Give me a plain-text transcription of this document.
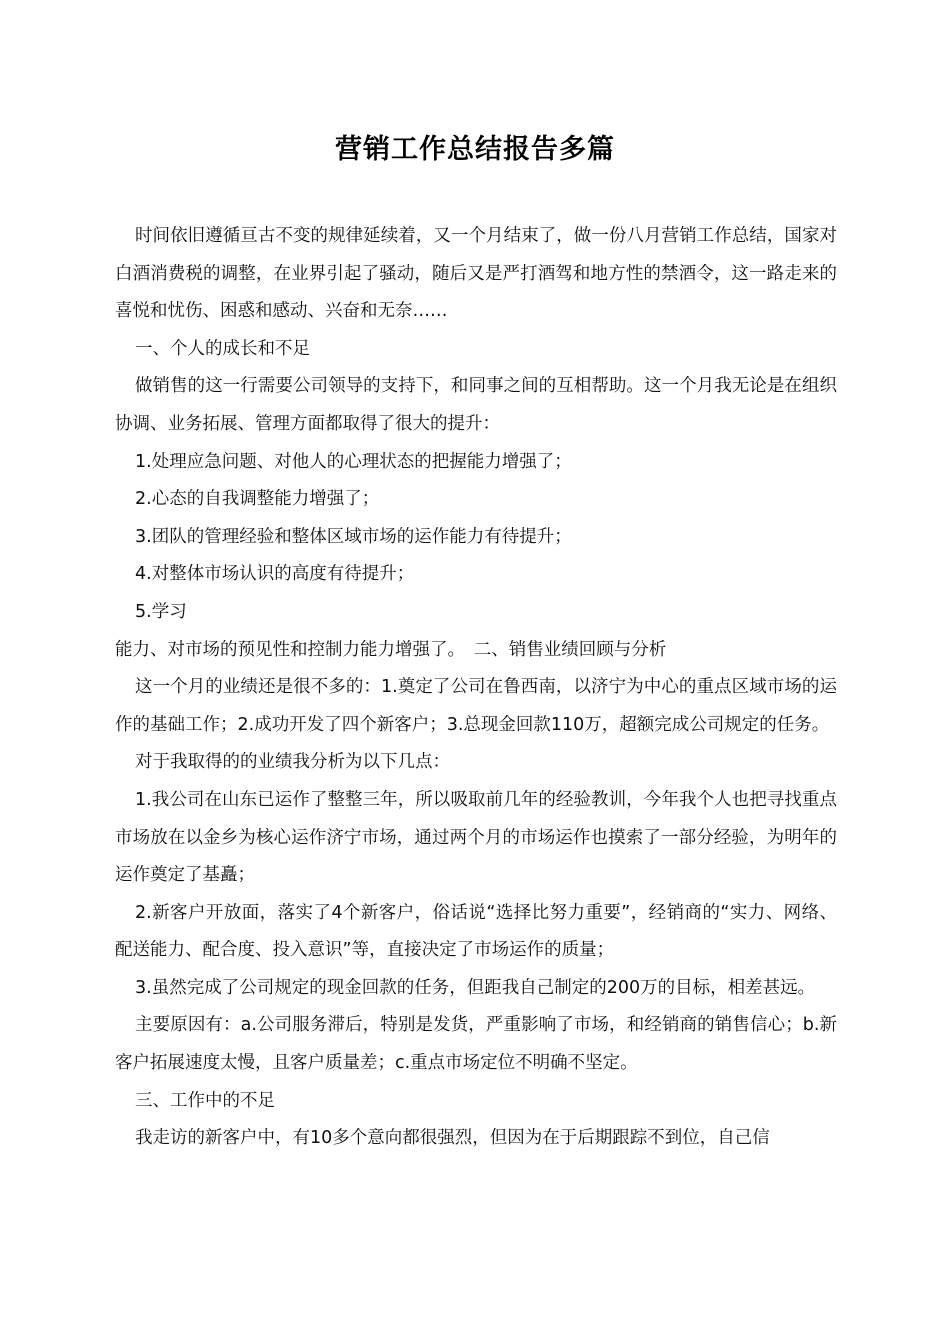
营销工作总结报告多篇

时间依旧遵循亘古不变的规律延续着，又一个月结束了，做一份八月营销工作总结，国家对白酒消费税的调整，在业界引起了骚动，随后又是严打酒驾和地方性的禁酒令，这一路走来的喜悦和忧伤、困惑和感动、兴奋和无奈……

一、个人的成长和不足

做销售的这一行需要公司领导的支持下，和同事之间的互相帮助。这一个月我无论是在组织协调、业务拓展、管理方面都取得了很大的提升：

1.处理应急问题、对他人的心理状态的把握能力增强了；

2.心态的自我调整能力增强了；

3.团队的管理经验和整体区域市场的运作能力有待提升；

4.对整体市场认识的高度有待提升；

5.学习

能力、对市场的预见性和控制力能力增强了。　二、销售业绩回顾与分析

这一个月的业绩还是很不多的：1.奠定了公司在鲁西南，以济宁为中心的重点区域市场的运作的基础工作；2.成功开发了四个新客户；3.总现金回款110万，超额完成公司规定的任务。

对于我取得的的业绩我分析为以下几点：

1.我公司在山东已运作了整整三年，所以吸取前几年的经验教训，今年我个人也把寻找重点市场放在以金乡为核心运作济宁市场，通过两个月的市场运作也摸索了一部分经验，为明年的运作奠定了基矗；

2.新客户开放面，落实了4个新客户，俗话说“选择比努力重要”，经销商的“实力、网络、配送能力、配合度、投入意识”等，直接决定了市场运作的质量；

3.虽然完成了公司规定的现金回款的任务，但距我自己制定的200万的目标，相差甚远。

主要原因有：a.公司服务滞后，特别是发货，严重影响了市场，和经销商的销售信心；b.新客户拓展速度太慢，且客户质量差；c.重点市场定位不明确不坚定。

三、工作中的不足

我走访的新客户中，有10多个意向都很强烈，但因为在于后期跟踪不到位，自己信
